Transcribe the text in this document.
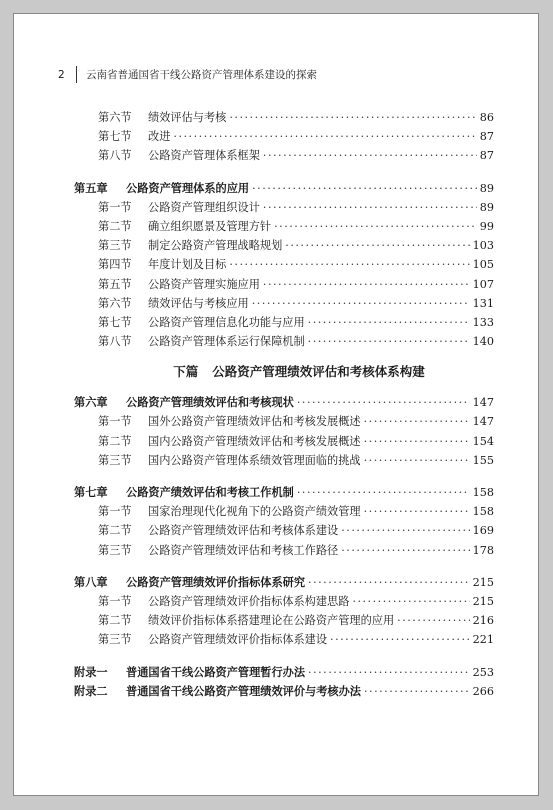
2	云南省普通国省干线公路资产管理体系建设的探索
第六节	绩效评估与考核 ·····	86
第七节	改进 ·····	87
第八节	公路资产管理体系框架 ·····	87
第五章	公路资产管理体系的应用 ·····	89
第一节	公路资产管理组织设计 ·····	89
第二节	确立组织愿景及管理方针 ·····	99
第三节	制定公路资产管理战略规划 ·····	103
第四节	年度计划及目标 ·····	105
第五节	公路资产管理实施应用 ·····	107
第六节	绩效评估与考核应用 ·····	131
第七节	公路资产管理信息化功能与应用 ·····	133
第八节	公路资产管理体系运行保障机制 ·····	140
下篇 公路资产管理绩效评估和考核体系构建
第六章	公路资产管理绩效评估和考核现状 ·····	147
第一节	国外公路资产管理绩效评估和考核发展概述 ·····	147
第二节	国内公路资产管理绩效评估和考核发展概述 ·····	154
第三节	国内公路资产管理体系绩效管理面临的挑战 ·····	155
第七章	公路资产绩效评估和考核工作机制 ·····	158
第一节	国家治理现代化视角下的公路资产绩效管理 ·····	158
第二节	公路资产管理绩效评估和考核体系建设 ·····	169
第三节	公路资产管理绩效评估和考核工作路径 ·····	178
第八章	公路资产管理绩效评价指标体系研究 ·····	215
第一节	公路资产管理绩效评价指标体系构建思路 ·····	215
第二节	绩效评价指标体系搭建理论在公路资产管理的应用 ·····	216
第三节	公路资产管理绩效评价指标体系建设 ·····	221
附录一	普通国省干线公路资产管理暂行办法 ·····	253
附录二	普通国省干线公路资产管理绩效评价与考核办法 ·····	266
